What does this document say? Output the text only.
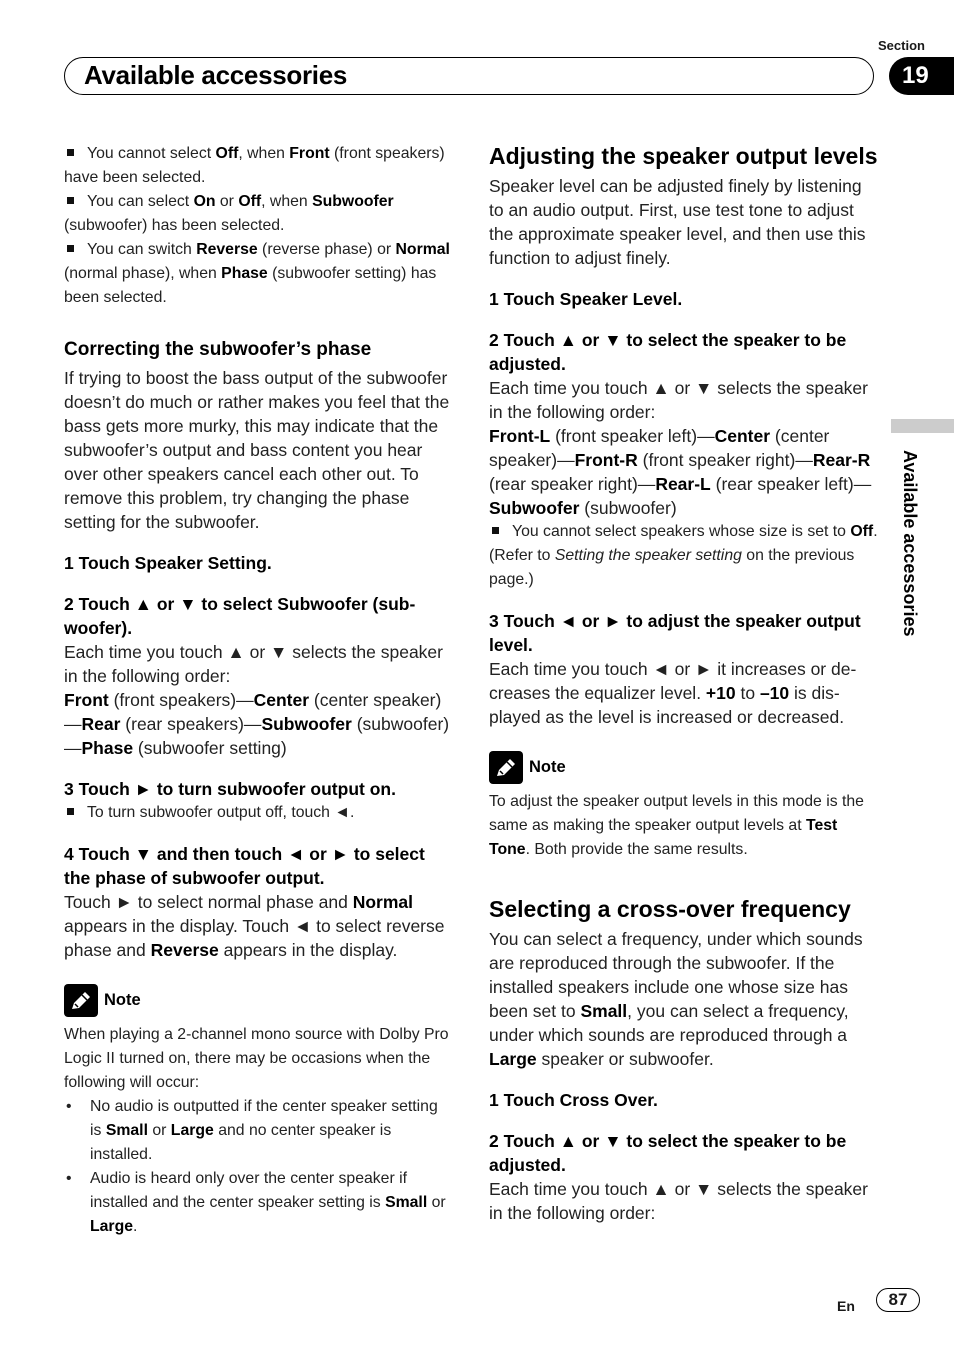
Section
Available accessories	19
Available accessories

You cannot select Off, when Front (front speakers) have been selected.

You can select On or Off, when Subwoofer (subwoofer) has been selected.

You can switch Reverse (reverse phase) or Normal (normal phase), when Phase (subwoofer setting) has been selected.

Correcting the subwoofer’s phase

If trying to boost the bass output of the subwoofer doesn’t do much or rather makes you feel that the bass gets more murky, this may indicate that the subwoofer’s output and bass content you hear over other speakers cancel each other out. To remove this problem, try changing the phase setting for the subwoofer.

1 Touch Speaker Setting.

2 Touch ▲ or ▼ to select Subwoofer (subwoofer).

Each time you touch ▲ or ▼ selects the speaker in the following order:

Front (front speakers)—Center (center speaker)—Rear (rear speakers)—Subwoofer (subwoofer)—Phase (subwoofer setting)

3 Touch ► to turn subwoofer output on.

To turn subwoofer output off, touch ◄.

4 Touch ▼ and then touch ◄ or ► to select the phase of subwoofer output.

Touch ► to select normal phase and Normal appears in the display. Touch ◄ to select reverse phase and Reverse appears in the display.

Note

When playing a 2-channel mono source with Dolby Pro Logic II turned on, there may be occasions when the following will occur:

• No audio is outputted if the center speaker setting is Small or Large and no center speaker is installed.

• Audio is heard only over the center speaker if installed and the center speaker setting is Small or Large.

Adjusting the speaker output levels

Speaker level can be adjusted finely by listening to an audio output. First, use test tone to adjust the approximate speaker level, and then use this function to adjust finely.

1 Touch Speaker Level.

2 Touch ▲ or ▼ to select the speaker to be adjusted.

Each time you touch ▲ or ▼ selects the speaker in the following order:

Front-L (front speaker left)—Center (center speaker)—Front-R (front speaker right)—Rear-R (rear speaker right)—Rear-L (rear speaker left)—Subwoofer (subwoofer)

You cannot select speakers whose size is set to Off. (Refer to Setting the speaker setting on the previous page.)

3 Touch ◄ or ► to adjust the speaker output level.

Each time you touch ◄ or ► it increases or decreases the equalizer level. +10 to –10 is displayed as the level is increased or decreased.

Note

To adjust the speaker output levels in this mode is the same as making the speaker output levels at Test Tone. Both provide the same results.

Selecting a cross-over frequency

You can select a frequency, under which sounds are reproduced through the subwoofer. If the installed speakers include one whose size has been set to Small, you can select a frequency, under which sounds are reproduced through a Large speaker or subwoofer.

1 Touch Cross Over.

2 Touch ▲ or ▼ to select the speaker to be adjusted.

Each time you touch ▲ or ▼ selects the speaker in the following order:

En	87
